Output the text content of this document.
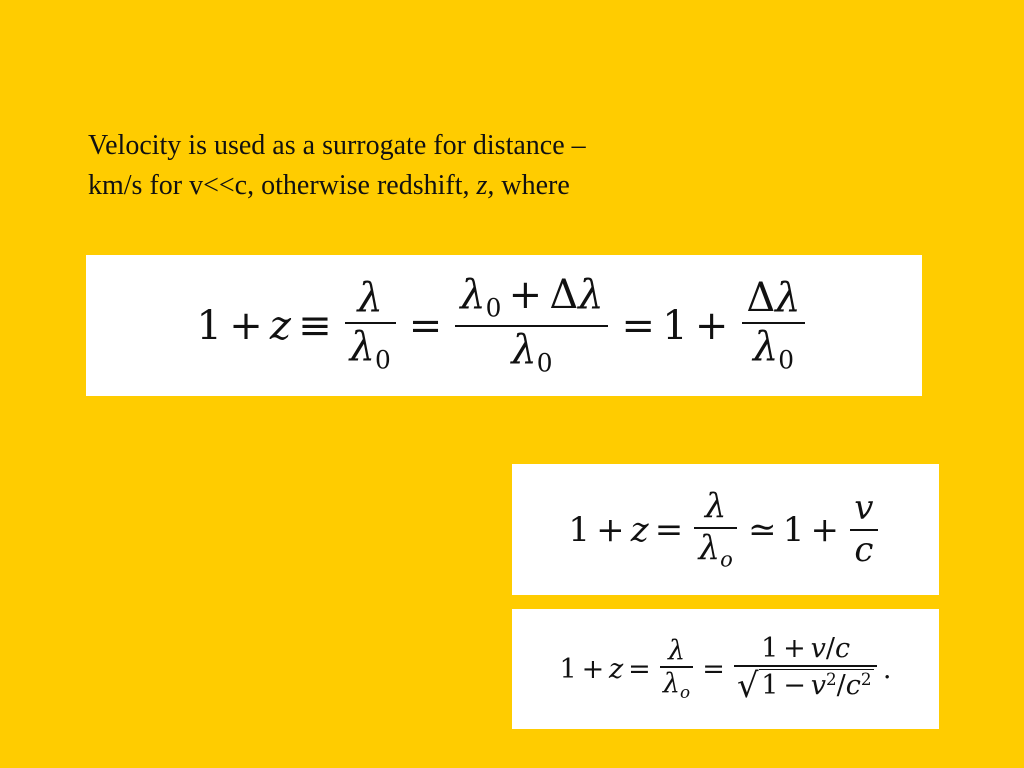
Velocity is used as a surrogate for distance –
km/s for v<<c, otherwise redshift, z, where

$1 + z \equiv \frac{\lambda}{\lambda_0} = \frac{\lambda_0 + \Delta\lambda}{\lambda_0} = 1 + \frac{\Delta\lambda}{\lambda_0}$
$1 + z = \frac{\lambda}{\lambda_o}$ ≃ $1 + \frac{v}{c}$
$1 + z = \frac{\lambda}{\lambda_o} = \frac{1 + v/c}{√ 1 - v^2/c^2}$ .
